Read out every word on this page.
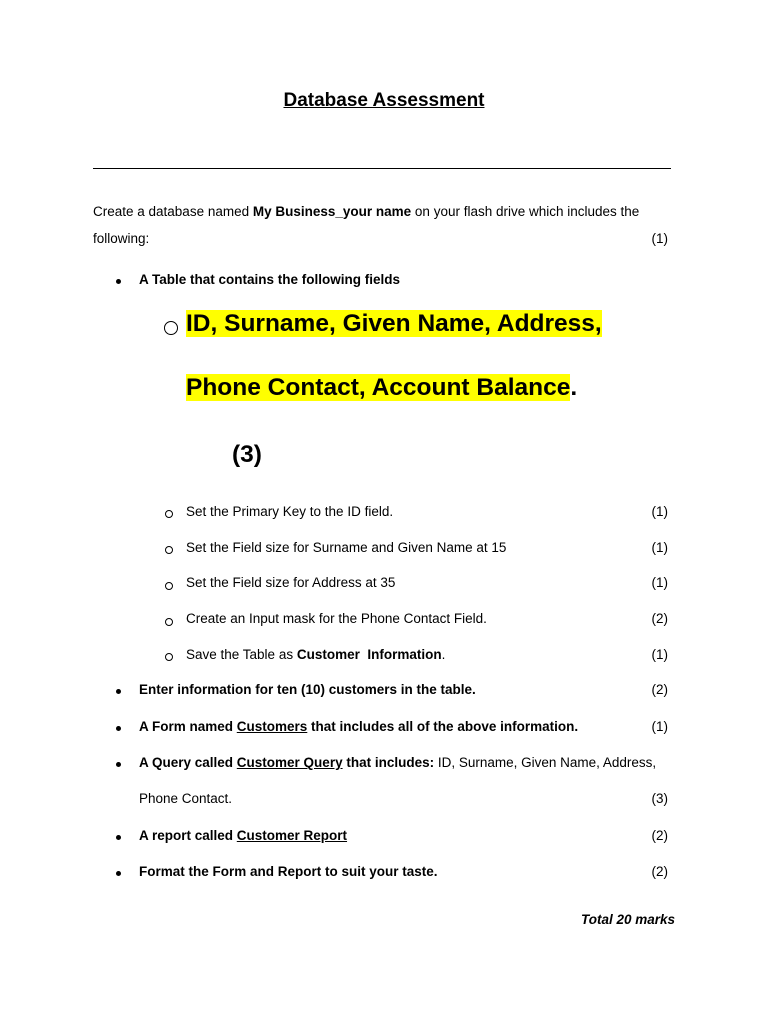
Database Assessment
Create a database named My Business_your name on your flash drive which includes the
following:	(1)
A Table that contains the following fields
ID, Surname, Given Name, Address,
Phone Contact, Account Balance.
(3)
Set the Primary Key to the ID field.	(1)
Set the Field size for Surname and Given Name at 15	(1)
Set the Field size for Address at 35	(1)
Create an Input mask for the Phone Contact Field.	(2)
Save the Table as Customer  Information.	(1)
Enter information for ten (10) customers in the table.	(2)
A Form named Customers that includes all of the above information.	(1)
A Query called Customer Query that includes: ID, Surname, Given Name, Address,
Phone Contact.	(3)
A report called Customer Report	(2)
Format the Form and Report to suit your taste.	(2)
Total 20 marks
